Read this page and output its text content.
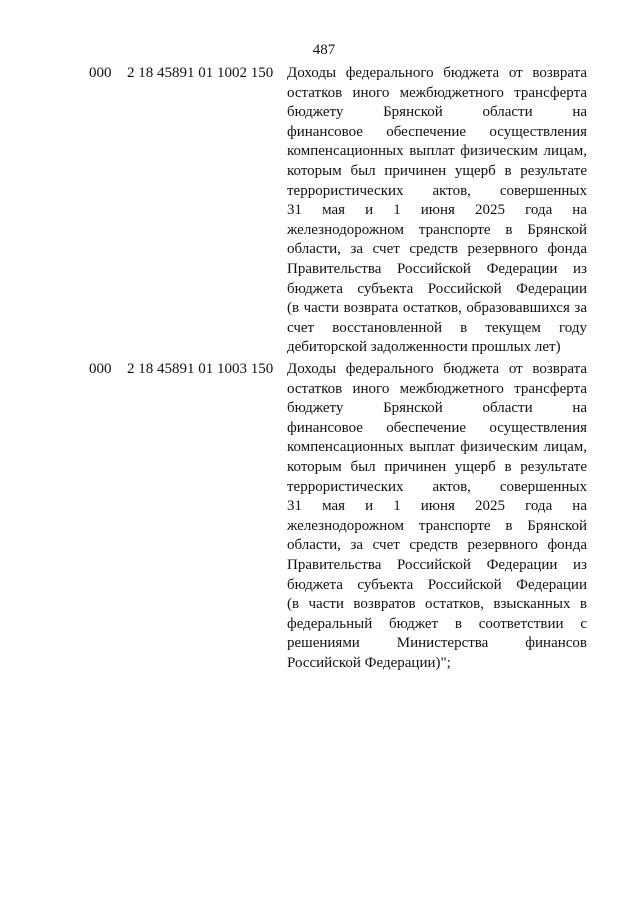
487
000 2 18 45891 01 1002 150 Доходы федерального бюджета от возврата
остатков иного межбюджетного трансферта
бюджету Брянской области на
финансовое обеспечение осуществления
компенсационных выплат физическим лицам,
которым был причинен ущерб в результате
террористических актов, совершенных
31 мая и 1 июня 2025 года на
железнодорожном транспорте в Брянской
области, за счет средств резервного фонда
Правительства Российской Федерации из
бюджета субъекта Российской Федерации
(в части возврата остатков, образовавшихся за
счет восстановленной в текущем году
дебиторской задолженности прошлых лет)
000 2 18 45891 01 1003 150 Доходы федерального бюджета от возврата
остатков иного межбюджетного трансферта
бюджету Брянской области на
финансовое обеспечение осуществления
компенсационных выплат физическим лицам,
которым был причинен ущерб в результате
террористических актов, совершенных
31 мая и 1 июня 2025 года на
железнодорожном транспорте в Брянской
области, за счет средств резервного фонда
Правительства Российской Федерации из
бюджета субъекта Российской Федерации
(в части возвратов остатков, взысканных в
федеральный бюджет в соответствии с
решениями Министерства финансов
Российской Федерации)";
